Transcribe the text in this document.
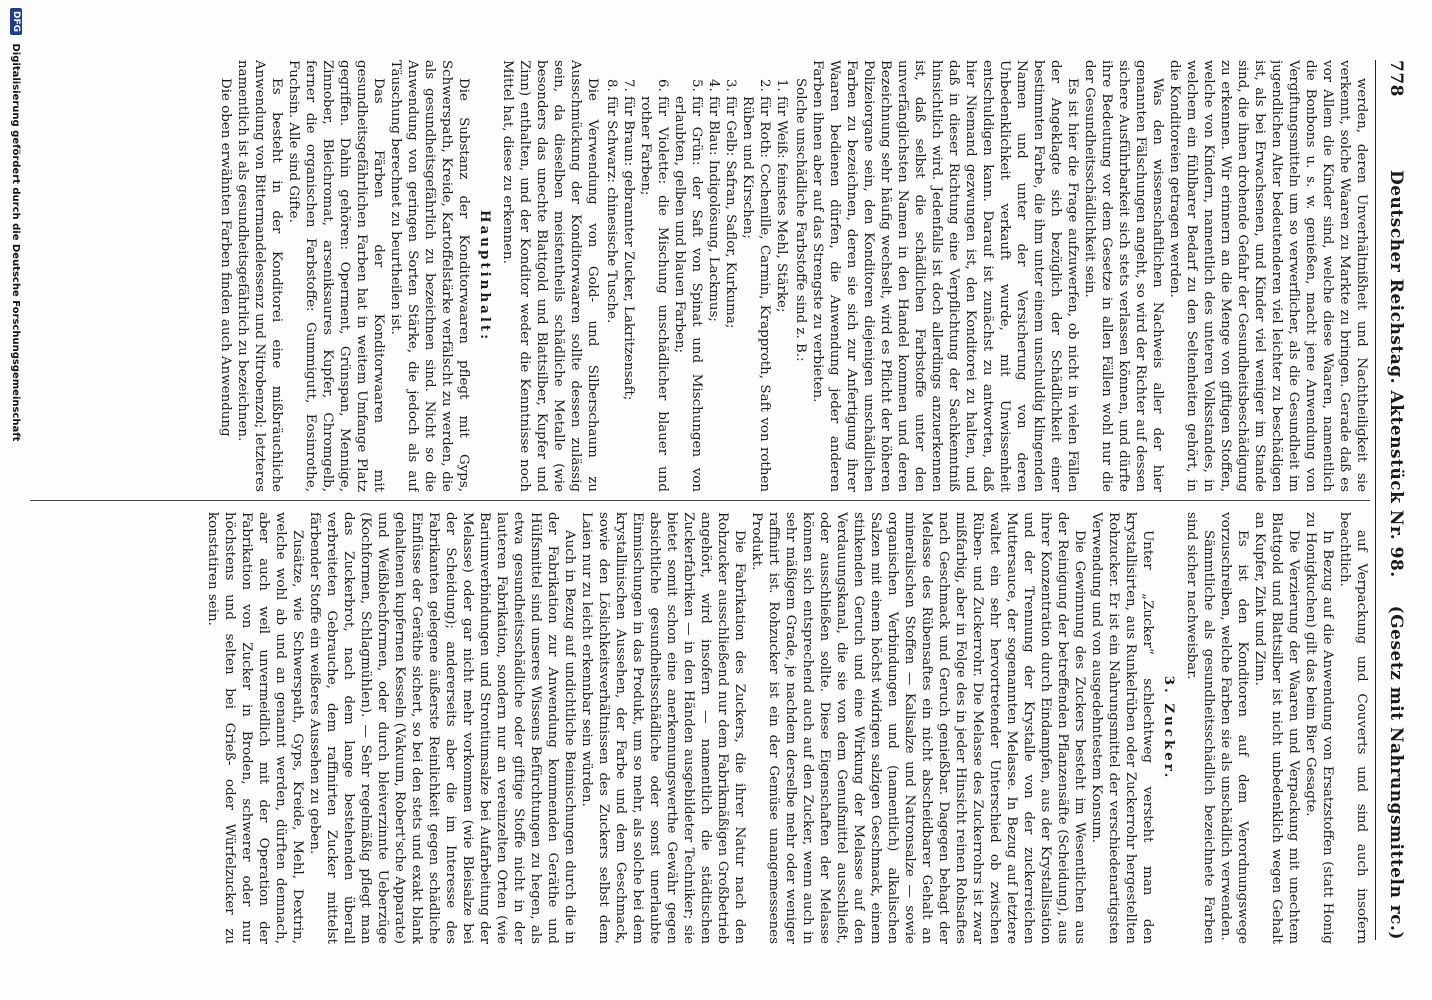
778
Deutscher Reichstag. Aktenstück Nr. 98.
(Gesetz mit Nahrungsmitteln rc.)

werden, deren Unverhältnißheit und Nachtheiligkeit sie verkennt, solche Waaren zu Markte zu bringen. Gerade daß es vor Allem die Kinder sind, welche diese Waaren, namentlich die Bonbons u. s. w. genießen, macht jene Anwendung von Vergiftungsmitteln um so verwerflicher, als die Gesundheit im jugendlichen Alter bedeutenderen viel leichter zu beschädigen ist, als bei Erwachsenen, und Kinder viel weniger im Stande sind, die ihnen drohende Gefahr der Gesundheitsbeschädigung zu erkennen. Wir erinnern an die Menge von giftigen Stoffen, welche von Kindern, namentlich des unteren Volksstandes, in welchem ein fühlbarer Bedarf zu den Seltenheiten gehört, in die Konditoreien getragen werden.

Was den wissenschaftlichen Nachweis aller der hier genannten Fälschungen angeht, so wird der Richter auf dessen sichere Ausführbarkeit sich stets verlassen können, und dürfte ihre Bedeutung vor dem Gesetze in allen Fällen wohl nur die der Gesundheitsschädlichkeit sein.

Es ist hier die Frage aufzuwerfen, ob nicht in vielen Fällen der Angeklagte sich bezüglich der Schädlichkeit einer bestimmten Farbe, die ihm unter einem unschuldig klingenden Namen und unter der Versicherung von deren Unbedenklichkeit verkauft wurde, mit Unwissenheit entschuldigen kann. Darauf ist zunächst zu antworten, daß hier Niemand gezwungen ist, den Konditorei zu halten, und daß in dieser Richtung eine Verpflichtung der Sachkenntniß hinsichtlich wird. Jedenfalls ist doch allerdings anzuerkennen ist, daß selbst die schädlichen Farbstoffe unter den unverfänglichsten Namen in den Handel kommen und deren Bezeichnung sehr häufig wechselt, wird es Pflicht der höheren Polizeiorgane sein, den Konditoren diejenigen unschädlichen Farben zu bezeichnen, deren sie sich zur Anfertigung ihrer Waaren bedienen dürfen, die Anwendung jeder anderen Farben ihnen aber auf das Strengste zu verbieten.

Solche unschädliche Farbstoffe sind z. B.:

1. für Weiß: feinstes Mehl, Stärke;
2. für Roth: Cochenille, Carmin, Krapproth, Saft von rothen Rüben und Kirschen;
3. für Gelb: Safran, Saflor, Kurkuma;
4. für Blau: Indigolösung, Lackmus;
5. für Grün: der Saft von Spinat und Mischungen von erlaubten, gelben und blauen Farben;
6. für Violette: die Mischung unschädlicher blauer und rother Farben;
7. für Braun: gebrannter Zucker, Lakritzensaft;
8. für Schwarz: chinesische Tusche.

Die Verwendung von Gold- und Silberschaum zu Ausschmückung der Konditorwaaren sollte dessen zulässig sein, da dieselben meistentheils schädliche Metalle (wie besonders das unechte Blattgold und Blattsilber, Kupfer und Zinn) enthalten, und der Konditor weder die Kenntnisse noch Mittel hat, diese zu erkennen.

Hauptinhalt:

Die Substanz der Konditorwaaren pflegt mit Gyps, Schwerspath, Kreide, Kartoffelstärke verfälscht zu werden, die als gesundheitsgefährlich zu bezeichnen sind. Nicht so die Anwendung von geringen Sorten Stärke, die jedoch als auf Täuschung berechnet zu beurtheilen ist.

Das Färben der Konditorwaaren mit gesundheitsgefährlichen Farben hat in weitem Umfange Platz gegriffen. Dahin gehören: Operment, Grünspan, Mennige, Zinnober, Bleichromat, arseniksaures Kupfer, Chromgelb, ferner die organischen Farbstoffe: Gummigutt, Eosinrothe, Fuchsin. Alle sind Gifte.

Es besteht in der Konditorei eine mißbräuchliche Anwendung von Bittermandelessenz und Nitrobenzol; letzteres namentlich ist als gesundheitsgefährlich zu bezeichnen.

Die oben erwähnten Farben finden auch Anwendung

auf Verpackung und Couverts und sind auch insofern beachtlich.

In Bezug auf die Anwendung von Ersatzstoffen (statt Honig zu Honigkuchen) gilt das beim Bier Gesagte.

Die Verzierung der Waaren und Verpackung mit unechtem Blattgold und Blattsilber ist nicht unbedenklich wegen Gehalt an Kupfer, Zink und Zinn.

Es ist den Konditoren auf dem Verordnungswege vorzuschreiben, welche Farben sie als unschädlich verwenden.

Sämmtliche als gesundheitsschädlich bezeichnete Farben sind sicher nachweisbar.

3. Zucker.

Unter „Zucker“ schlechtweg versteht man den krystallisirten, aus Runkelrüben oder Zuckerrohr hergestellten Rohzucker. Er ist ein Nahrungsmittel der verschiedenartigsten Verwendung und von ausgedehntestem Konsum.

Die Gewinnung des Zuckers besteht im Wesentlichen aus der Reinigung der betreffenden Pflanzensäfte (Scheidung), aus ihrer Konzentration durch Eindampfen, aus der Krystallisation und der Trennung der Krystalle von der zuckerreichen Muttersauce, der sogenannten Melasse. In Bezug auf letztere waltet ein sehr hervortretender Unterschied ob zwischen Rüben- und Zuckerrohr. Die Melasse des Zuckerrohrs ist zwar mißfarbig, aber in Folge des in jeder Hinsicht reinen Rohsaftes nach Geschmack und Geruch genießbar. Dagegen behagt der Melasse des Rübensaftes ein nicht abscheidbarer Gehalt an mineralischen Stoffen — Kalisalze und Natronsalze — sowie organischen Verbindungen und (namentlich) alkalischen Salzen mit einem höchst widrigen salzigen Geschmack, einem stinkenden Geruch und eine Wirkung der Melasse auf den Verdauungskanal, die sie von dem Genußmittel ausschließt, oder ausschließen sollte. Diese Eigenschaften der Melasse können sich entsprechend auch auf den Zucker, wenn auch in sehr mäßigem Grade, je nachdem derselbe mehr oder weniger raffinirt ist. Rohzucker ist ein der Gemüse unangemessenes Produkt.

Die Fabrikation des Zuckers, die ihrer Natur nach den Rohzucker ausschließend nur dem Fabrikmäßigen Großbetrieb angehört, wird insofern — namentlich die städtischen Zuckerfabriken — in den Händen ausgebildeter Techniker; sie bietet somit schon eine anerkennungswerthe Gewähr gegen absichtliche gesundheitsschädliche oder sonst unerlaubte Einmischungen in das Produkt, um so mehr, als solche bei dem krystallinischen Aussehen, der Farbe und dem Geschmack, sowie den Löslichkeitsverhältnissen des Zuckers selbst dem Laien nur zu leicht erkennbar sein würden.

Auch in Bezug auf undichtliche Beimischungen durch die in der Fabrikation zur Anwendung kommenden Geräthe und Hülfsmittel sind unseres Wissens Befürchtungen zu hegen, als etwa gesundheitsschädliche oder giftige Stoffe nicht in der lauteren Fabrikation, sondern nur an vereinzelten Orten (wie Bariumverbindungen und Strontiumsalze bei Aufarbeitung der Melasse) oder gar nicht mehr vorkommen (wie Bleisalze bei der Scheidung); andererseits aber die im Interesse des Fabrikanten gelegene äußerste Reinlichkeit gegen schädliche Einflüsse der Geräthe sichert, so bei den stets und exakt blank gehaltenen kupfernen Kesseln (Vakuum, Robert'sche Apparate) und Weißblechformen, oder durch bleiverzinnte Ueberzüge (Kochformen, Schlagmühlen). — Sehr regelmäßig pflegt man das Zuckerbrot, nach dem lange bestehenden überall verbreiteten Gebrauche, dem raffinirten Zucker mittelst färbender Stoffe ein weißeres Aussehen zu geben.

Zusätze, wie Schwerspath, Gyps, Kreide, Mehl, Dextrin, welche wohl ab und an genannt werden, dürften demnach, aber auch weil unvermeidlich mit der Operation der Fabrikation von Zucker in Broden, schwerer oder nur höchstens und selten bei Grieß- oder Würfelzucker zu konstatiren sein.

DFG Digitalisierung gefördert durch die Deutsche Forschungsgemeinschaft
